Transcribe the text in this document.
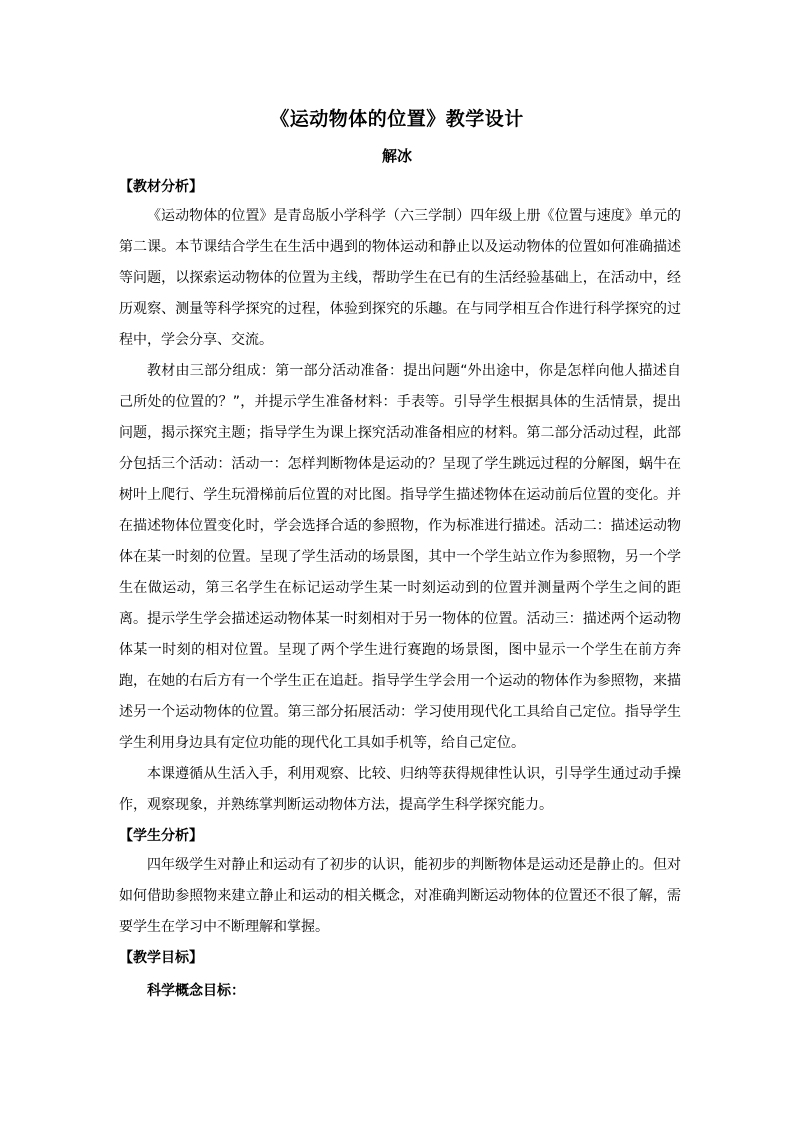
《运动物体的位置》教学设计
解冰
【教材分析】

《运动物体的位置》是青岛版小学科学（六三学制）四年级上册《位置与速度》单元的第二课。本节课结合学生在生活中遇到的物体运动和静止以及运动物体的位置如何准确描述等问题，以探索运动物体的位置为主线，帮助学生在已有的生活经验基础上，在活动中，经历观察、测量等科学探究的过程，体验到探究的乐趣。在与同学相互合作进行科学探究的过程中，学会分享、交流。

教材由三部分组成：第一部分活动准备：提出问题“外出途中，你是怎样向他人描述自己所处的位置的？”，并提示学生准备材料：手表等。引导学生根据具体的生活情景，提出问题，揭示探究主题；指导学生为课上探究活动准备相应的材料。第二部分活动过程，此部分包括三个活动：活动一：怎样判断物体是运动的？呈现了学生跳远过程的分解图，蜗牛在树叶上爬行、学生玩滑梯前后位置的对比图。指导学生描述物体在运动前后位置的变化。并在描述物体位置变化时，学会选择合适的参照物，作为标准进行描述。活动二：描述运动物体在某一时刻的位置。呈现了学生活动的场景图，其中一个学生站立作为参照物，另一个学生在做运动，第三名学生在标记运动学生某一时刻运动到的位置并测量两个学生之间的距离。提示学生学会描述运动物体某一时刻相对于另一物体的位置。活动三：描述两个运动物体某一时刻的相对位置。呈现了两个学生进行赛跑的场景图，图中显示一个学生在前方奔跑，在她的右后方有一个学生正在追赶。指导学生学会用一个运动的物体作为参照物，来描述另一个运动物体的位置。第三部分拓展活动：学习使用现代化工具给自己定位。指导学生学生利用身边具有定位功能的现代化工具如手机等，给自己定位。

本课遵循从生活入手，利用观察、比较、归纳等获得规律性认识，引导学生通过动手操作，观察现象，并熟练掌判断运动物体方法，提高学生科学探究能力。

【学生分析】

四年级学生对静止和运动有了初步的认识，能初步的判断物体是运动还是静止的。但对如何借助参照物来建立静止和运动的相关概念，对准确判断运动物体的位置还不很了解，需要学生在学习中不断理解和掌握。

【教学目标】
科学概念目标：
